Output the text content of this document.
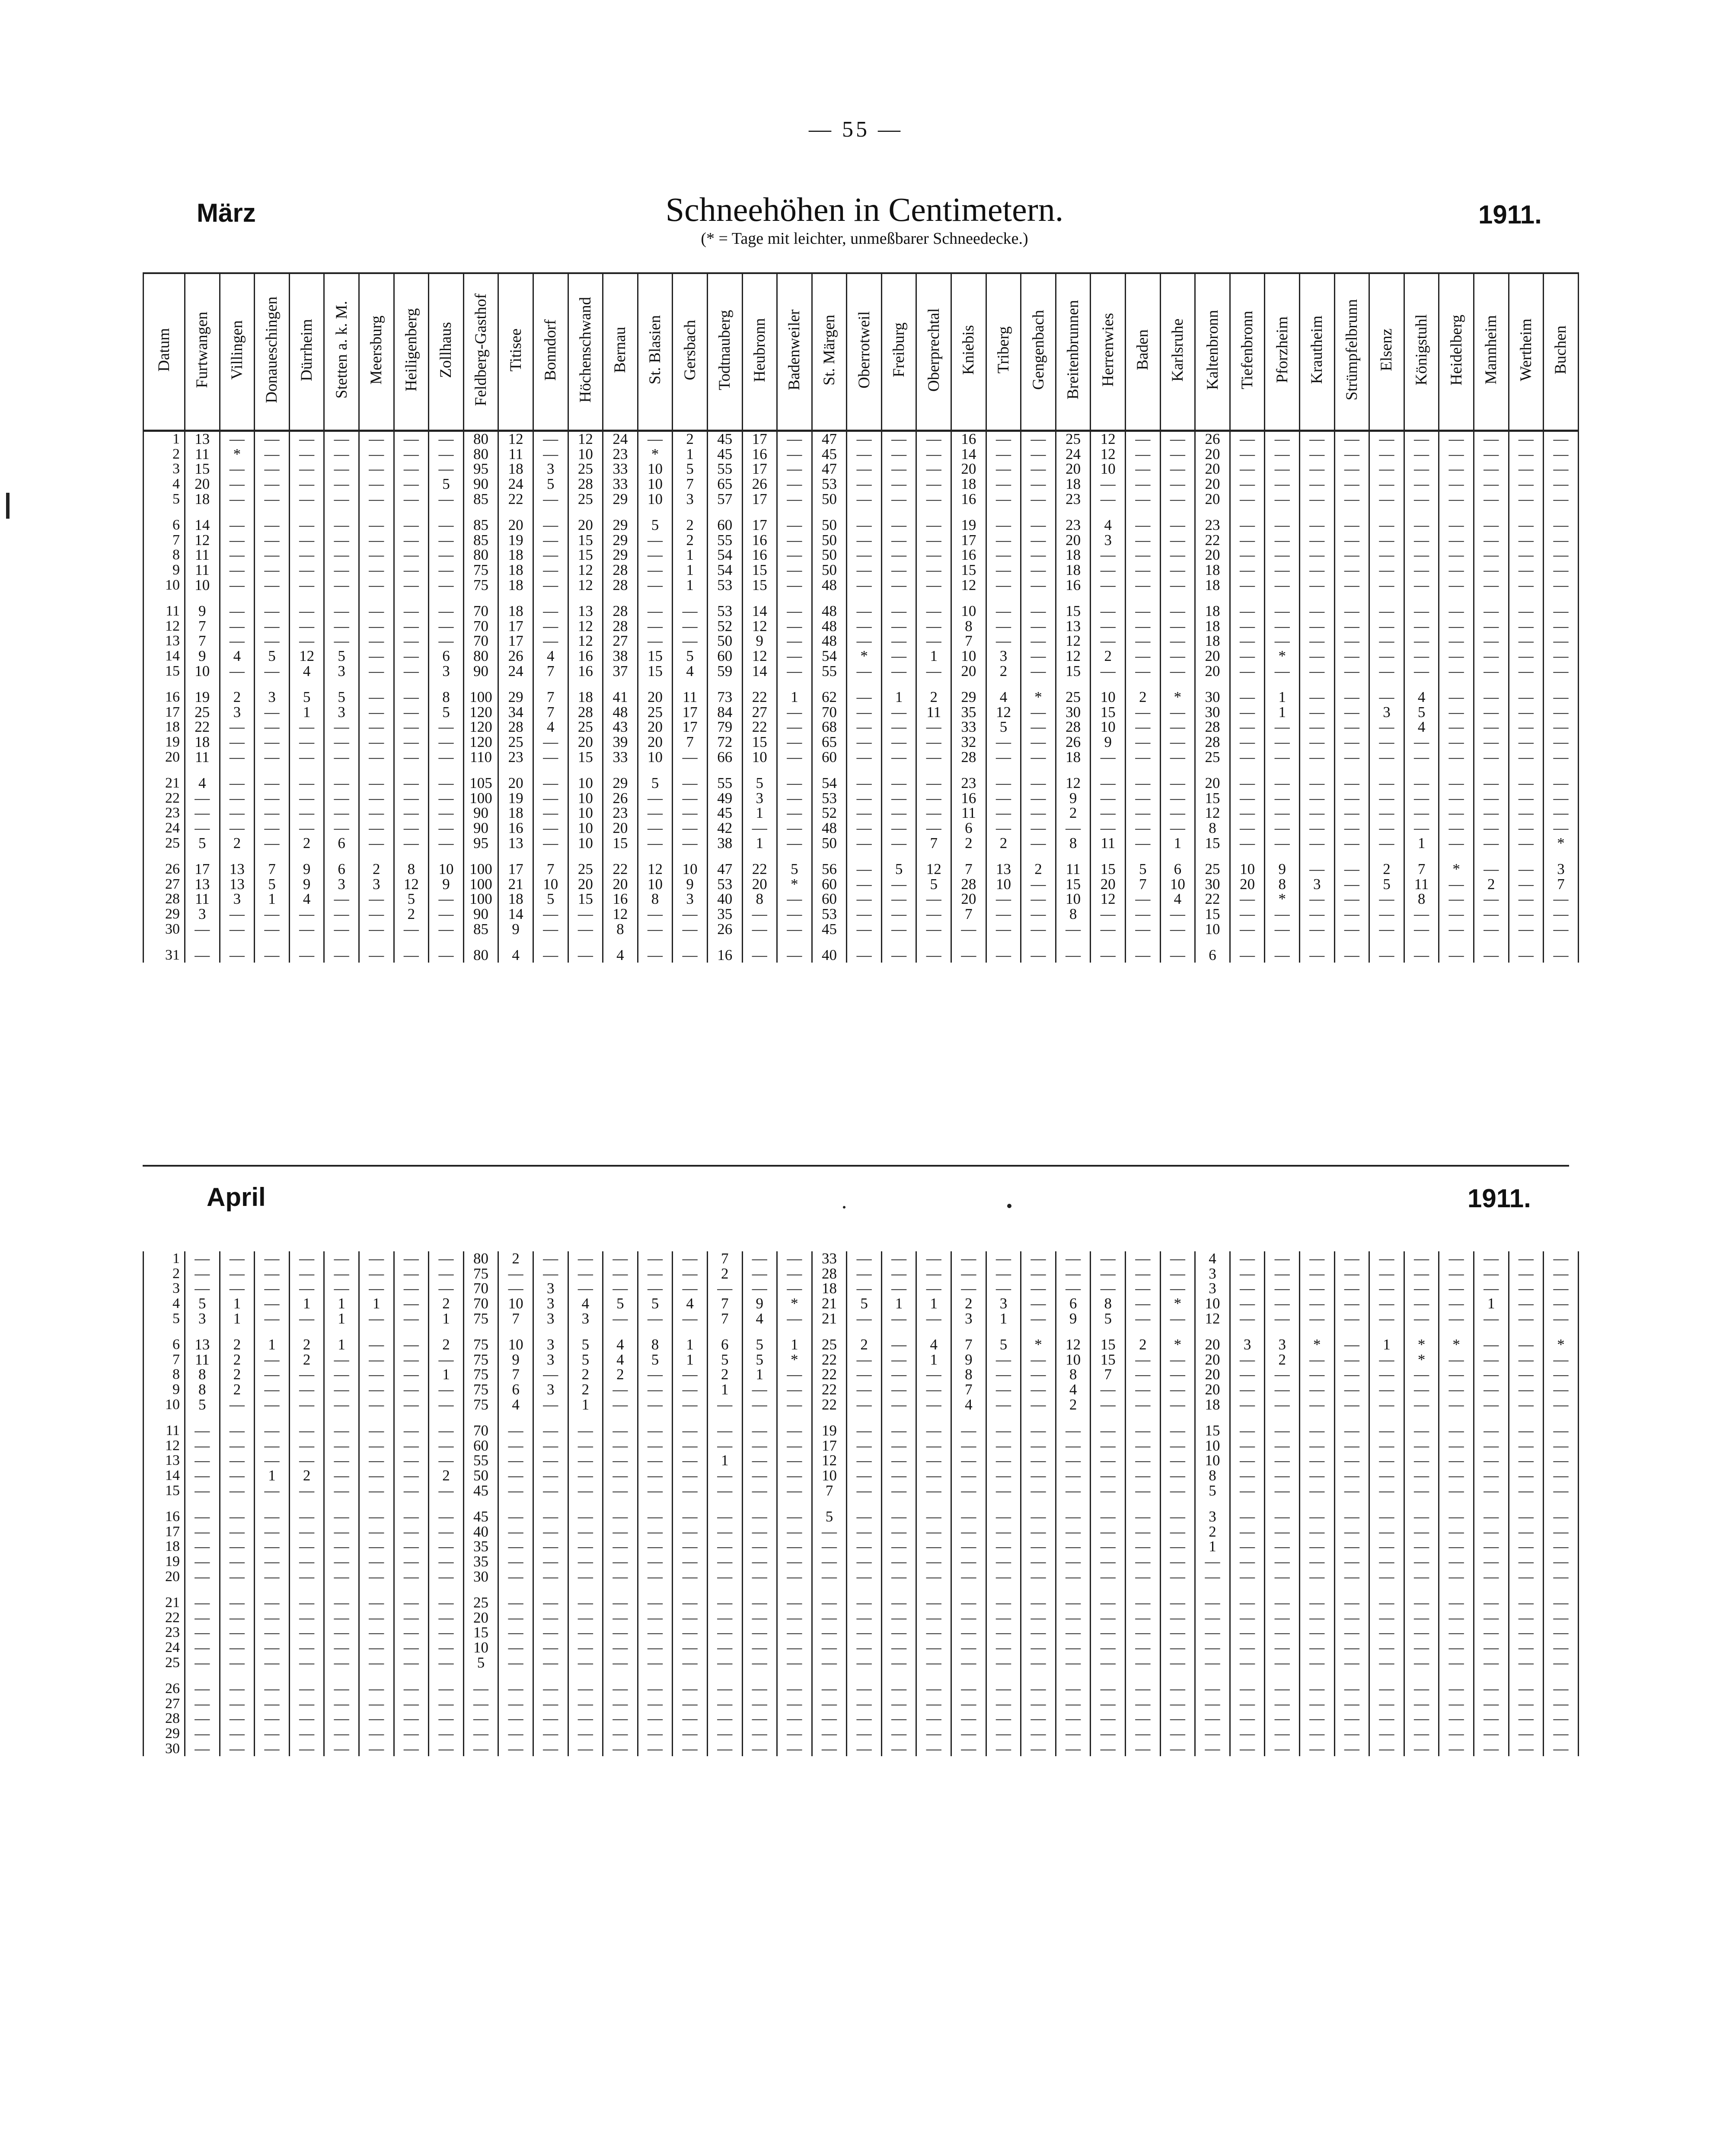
— 55 —
März	Schneehöhen in Centimetern.	1911.
(* = Tage mit leichter, unmeßbarer Schneedecke.)
Datum	Furtwangen	Villingen	Donaueschingen	Dürrheim	Stetten a. k. M.	Meersburg	Heiligenberg	Zollhaus	Feldberg-Gasthof	Titisee	Bonndorf	Höchenschwand	Bernau	St. Blasien	Gersbach	Todtnauberg	Heubronn	Badenweiler	St. Märgen	Oberrotweil	Freiburg	Oberprechtal	Kniebis	Triberg	Gengenbach	Breitenbrunnen	Herrenwies	Baden	Karlsruhe	Kaltenbronn	Tiefenbronn	Pforzheim	Krautheim	Strümpfelbrunn	Elsenz	Königstuhl	Heidelberg	Mannheim	Wertheim	Buchen
1	13	—	—	—	—	—	—	—	80	12	—	12	24	—	2	45	17	—	47	—	—	—	16	—	—	25	12	—	—	26	—	—	—	—	—	—	—	—	—	—
2	11	*	—	—	—	—	—	—	80	11	—	10	23	*	1	45	16	—	45	—	—	—	14	—	—	24	12	—	—	20	—	—	—	—	—	—	—	—	—	—
3	15	—	—	—	—	—	—	—	95	18	3	25	33	10	5	55	17	—	47	—	—	—	20	—	—	20	10	—	—	20	—	—	—	—	—	—	—	—	—	—
4	20	—	—	—	—	—	—	5	90	24	5	28	33	10	7	65	26	—	53	—	—	—	18	—	—	18	—	—	—	20	—	—	—	—	—	—	—	—	—	—
5	18	—	—	—	—	—	—	—	85	22	—	25	29	10	3	57	17	—	50	—	—	—	16	—	—	23	—	—	—	20	—	—	—	—	—	—	—	—	—	—
6	14	—	—	—	—	—	—	—	85	20	—	20	29	5	2	60	17	—	50	—	—	—	19	—	—	23	4	—	—	23	—	—	—	—	—	—	—	—	—	—
7	12	—	—	—	—	—	—	—	85	19	—	15	29	—	2	55	16	—	50	—	—	—	17	—	—	20	3	—	—	22	—	—	—	—	—	—	—	—	—	—
8	11	—	—	—	—	—	—	—	80	18	—	15	29	—	1	54	16	—	50	—	—	—	16	—	—	18	—	—	—	20	—	—	—	—	—	—	—	—	—	—
9	11	—	—	—	—	—	—	—	75	18	—	12	28	—	1	54	15	—	50	—	—	—	15	—	—	18	—	—	—	18	—	—	—	—	—	—	—	—	—	—
10	10	—	—	—	—	—	—	—	75	18	—	12	28	—	1	53	15	—	48	—	—	—	12	—	—	16	—	—	—	18	—	—	—	—	—	—	—	—	—	—
11	9	—	—	—	—	—	—	—	70	18	—	13	28	—	—	53	14	—	48	—	—	—	10	—	—	15	—	—	—	18	—	—	—	—	—	—	—	—	—	—
12	7	—	—	—	—	—	—	—	70	17	—	12	28	—	—	52	12	—	48	—	—	—	8	—	—	13	—	—	—	18	—	—	—	—	—	—	—	—	—	—
13	7	—	—	—	—	—	—	—	70	17	—	12	27	—	—	50	9	—	48	—	—	—	7	—	—	12	—	—	—	18	—	—	—	—	—	—	—	—	—	—
14	9	4	5	12	5	—	—	6	80	26	4	16	38	15	5	60	12	—	54	*	—	1	10	3	—	12	2	—	—	20	—	*	—	—	—	—	—	—	—	—
15	10	—	—	4	3	—	—	3	90	24	7	16	37	15	4	59	14	—	55	—	—	—	20	2	—	15	—	—	—	20	—	—	—	—	—	—	—	—	—	—
16	19	2	3	5	5	—	—	8	100	29	7	18	41	20	11	73	22	1	62	—	1	2	29	4	*	25	10	2	*	30	—	1	—	—	—	4	—	—	—	—
17	25	3	—	1	3	—	—	5	120	34	7	28	48	25	17	84	27	—	70	—	—	11	35	12	—	30	15	—	—	30	—	1	—	—	3	5	—	—	—	—
18	22	—	—	—	—	—	—	—	120	28	4	25	43	20	17	79	22	—	68	—	—	—	33	5	—	28	10	—	—	28	—	—	—	—	—	4	—	—	—	—
19	18	—	—	—	—	—	—	—	120	25	—	20	39	20	7	72	15	—	65	—	—	—	32	—	—	26	9	—	—	28	—	—	—	—	—	—	—	—	—	—
20	11	—	—	—	—	—	—	—	110	23	—	15	33	10	—	66	10	—	60	—	—	—	28	—	—	18	—	—	—	25	—	—	—	—	—	—	—	—	—	—
21	4	—	—	—	—	—	—	—	105	20	—	10	29	5	—	55	5	—	54	—	—	—	23	—	—	12	—	—	—	20	—	—	—	—	—	—	—	—	—	—
22	—	—	—	—	—	—	—	—	100	19	—	10	26	—	—	49	3	—	53	—	—	—	16	—	—	9	—	—	—	15	—	—	—	—	—	—	—	—	—	—
23	—	—	—	—	—	—	—	—	90	18	—	10	23	—	—	45	1	—	52	—	—	—	11	—	—	2	—	—	—	12	—	—	—	—	—	—	—	—	—	—
24	—	—	—	—	—	—	—	—	90	16	—	10	20	—	—	42	—	—	48	—	—	—	6	—	—	—	—	—	—	8	—	—	—	—	—	—	—	—	—	—
25	5	2	—	2	6	—	—	—	95	13	—	10	15	—	—	38	1	—	50	—	—	7	2	2	—	8	11	—	1	15	—	—	—	—	—	1	—	—	—	*
26	17	13	7	9	6	2	8	10	100	17	7	25	22	12	10	47	22	5	56	—	5	12	7	13	2	11	15	5	6	25	10	9	—	—	2	7	*	—	—	3
27	13	13	5	9	3	3	12	9	100	21	10	20	20	10	9	53	20	*	60	—	—	5	28	10	—	15	20	7	10	30	20	8	3	—	5	11	—	2	—	7
28	11	3	1	4	—	—	5	—	100	18	5	15	16	8	3	40	8	—	60	—	—	—	20	—	—	10	12	—	4	22	—	*	—	—	—	8	—	—	—	—
29	3	—	—	—	—	—	2	—	90	14	—	—	12	—	—	35	—	—	53	—	—	—	7	—	—	8	—	—	—	15	—	—	—	—	—	—	—	—	—	—
30	—	—	—	—	—	—	—	—	85	9	—	—	8	—	—	26	—	—	45	—	—	—	—	—	—	—	—	—	—	10	—	—	—	—	—	—	—	—	—	—
31	—	—	—	—	—	—	—	—	80	4	—	—	4	—	—	16	—	—	40	—	—	—	—	—	—	—	—	—	—	6	—	—	—	—	—	—	—	—	—	—
April	1911.
1	—	—	—	—	—	—	—	—	80	2	—	—	—	—	—	7	—	—	33	—	—	—	—	—	—	—	—	—	—	4	—	—	—	—	—	—	—	—	—	—
2	—	—	—	—	—	—	—	—	75	—	—	—	—	—	—	2	—	—	28	—	—	—	—	—	—	—	—	—	—	3	—	—	—	—	—	—	—	—	—	—
3	—	—	—	—	—	—	—	—	70	—	3	—	—	—	—	—	—	—	18	—	—	—	—	—	—	—	—	—	—	3	—	—	—	—	—	—	—	—	—	—
4	5	1	—	1	1	1	—	2	70	10	3	4	5	5	4	7	9	*	21	5	1	1	2	3	—	6	8	—	*	10	—	—	—	—	—	—	—	1	—	—
5	3	1	—	—	1	—	—	1	75	7	3	3	—	—	—	7	4	—	21	—	—	—	3	1	—	9	5	—	—	12	—	—	—	—	—	—	—	—	—	—
6	13	2	1	2	1	—	—	2	75	10	3	5	4	8	1	6	5	1	25	2	—	4	7	5	*	12	15	2	*	20	3	3	*	—	1	*	*	—	—	*
7	11	2	—	2	—	—	—	—	75	9	3	5	4	5	1	5	5	*	22	—	—	1	9	—	—	10	15	—	—	20	—	2	—	—	—	*	—	—	—	—
8	8	2	—	—	—	—	—	1	75	7	—	2	2	—	—	2	1	—	22	—	—	—	8	—	—	8	7	—	—	20	—	—	—	—	—	—	—	—	—	—
9	8	2	—	—	—	—	—	—	75	6	3	2	—	—	—	1	—	—	22	—	—	—	7	—	—	4	—	—	—	20	—	—	—	—	—	—	—	—	—	—
10	5	—	—	—	—	—	—	—	75	4	—	1	—	—	—	—	—	—	22	—	—	—	4	—	—	2	—	—	—	18	—	—	—	—	—	—	—	—	—	—
11	—	—	—	—	—	—	—	—	70	—	—	—	—	—	—	—	—	—	19	—	—	—	—	—	—	—	—	—	—	15	—	—	—	—	—	—	—	—	—	—
12	—	—	—	—	—	—	—	—	60	—	—	—	—	—	—	—	—	—	17	—	—	—	—	—	—	—	—	—	—	10	—	—	—	—	—	—	—	—	—	—
13	—	—	—	—	—	—	—	—	55	—	—	—	—	—	—	1	—	—	12	—	—	—	—	—	—	—	—	—	—	10	—	—	—	—	—	—	—	—	—	—
14	—	—	1	2	—	—	—	2	50	—	—	—	—	—	—	—	—	—	10	—	—	—	—	—	—	—	—	—	—	8	—	—	—	—	—	—	—	—	—	—
15	—	—	—	—	—	—	—	—	45	—	—	—	—	—	—	—	—	—	7	—	—	—	—	—	—	—	—	—	—	5	—	—	—	—	—	—	—	—	—	—
16	—	—	—	—	—	—	—	—	45	—	—	—	—	—	—	—	—	—	5	—	—	—	—	—	—	—	—	—	—	3	—	—	—	—	—	—	—	—	—	—
17	—	—	—	—	—	—	—	—	40	—	—	—	—	—	—	—	—	—	—	—	—	—	—	—	—	—	—	—	—	2	—	—	—	—	—	—	—	—	—	—
18	—	—	—	—	—	—	—	—	35	—	—	—	—	—	—	—	—	—	—	—	—	—	—	—	—	—	—	—	—	1	—	—	—	—	—	—	—	—	—	—
19	—	—	—	—	—	—	—	—	35	—	—	—	—	—	—	—	—	—	—	—	—	—	—	—	—	—	—	—	—	—	—	—	—	—	—	—	—	—	—	—
20	—	—	—	—	—	—	—	—	30	—	—	—	—	—	—	—	—	—	—	—	—	—	—	—	—	—	—	—	—	—	—	—	—	—	—	—	—	—	—	—
21	—	—	—	—	—	—	—	—	25	—	—	—	—	—	—	—	—	—	—	—	—	—	—	—	—	—	—	—	—	—	—	—	—	—	—	—	—	—	—	—
22	—	—	—	—	—	—	—	—	20	—	—	—	—	—	—	—	—	—	—	—	—	—	—	—	—	—	—	—	—	—	—	—	—	—	—	—	—	—	—	—
23	—	—	—	—	—	—	—	—	15	—	—	—	—	—	—	—	—	—	—	—	—	—	—	—	—	—	—	—	—	—	—	—	—	—	—	—	—	—	—	—
24	—	—	—	—	—	—	—	—	10	—	—	—	—	—	—	—	—	—	—	—	—	—	—	—	—	—	—	—	—	—	—	—	—	—	—	—	—	—	—	—
25	—	—	—	—	—	—	—	—	5	—	—	—	—	—	—	—	—	—	—	—	—	—	—	—	—	—	—	—	—	—	—	—	—	—	—	—	—	—	—	—
26	—	—	—	—	—	—	—	—	—	—	—	—	—	—	—	—	—	—	—	—	—	—	—	—	—	—	—	—	—	—	—	—	—	—	—	—	—	—	—	—
27	—	—	—	—	—	—	—	—	—	—	—	—	—	—	—	—	—	—	—	—	—	—	—	—	—	—	—	—	—	—	—	—	—	—	—	—	—	—	—	—
28	—	—	—	—	—	—	—	—	—	—	—	—	—	—	—	—	—	—	—	—	—	—	—	—	—	—	—	—	—	—	—	—	—	—	—	—	—	—	—	—
29	—	—	—	—	—	—	—	—	—	—	—	—	—	—	—	—	—	—	—	—	—	—	—	—	—	—	—	—	—	—	—	—	—	—	—	—	—	—	—	—
30	—	—	—	—	—	—	—	—	—	—	—	—	—	—	—	—	—	—	—	—	—	—	—	—	—	—	—	—	—	—	—	—	—	—	—	—	—	—	—	—
